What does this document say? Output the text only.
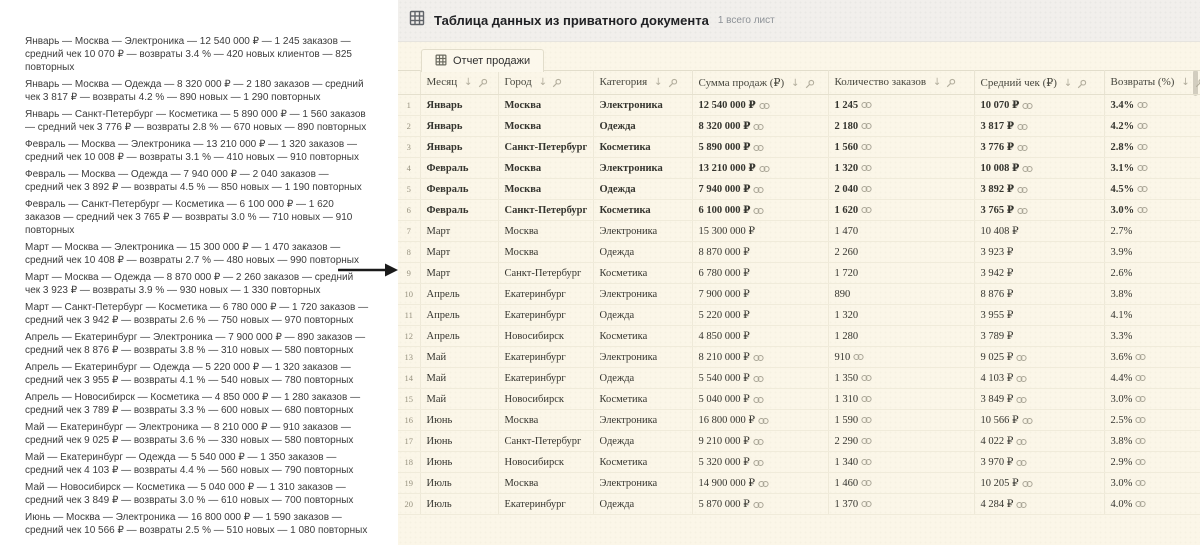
Январь — Москва — Электроника — 12 540 000 ₽ — 1 245 заказов — средний чек 10 070 ₽ — возвраты 3.4 % — 420 новых клиентов — 825 повторных

Январь — Москва — Одежда — 8 320 000 ₽ — 2 180 заказов — средний чек 3 817 ₽ — возвраты 4.2 % — 890 новых — 1 290 повторных

Январь — Санкт-Петербург — Косметика — 5 890 000 ₽ — 1 560 заказов — средний чек 3 776 ₽ — возвраты 2.8 % — 670 новых — 890 повторных

Февраль — Москва — Электроника — 13 210 000 ₽ — 1 320 заказов — средний чек 10 008 ₽ — возвраты 3.1 % — 410 новых — 910 повторных

Февраль — Москва — Одежда — 7 940 000 ₽ — 2 040 заказов — средний чек 3 892 ₽ — возвраты 4.5 % — 850 новых — 1 190 повторных

Февраль — Санкт-Петербург — Косметика — 6 100 000 ₽ — 1 620 заказов — средний чек 3 765 ₽ — возвраты 3.0 % — 710 новых — 910 повторных

Март — Москва — Электроника — 15 300 000 ₽ — 1 470 заказов — средний чек 10 408 ₽ — возвраты 2.7 % — 480 новых — 990 повторных

Март — Москва — Одежда — 8 870 000 ₽ — 2 260 заказов — средний чек 3 923 ₽ — возвраты 3.9 % — 930 новых — 1 330 повторных

Март — Санкт-Петербург — Косметика — 6 780 000 ₽ — 1 720 заказов — средний чек 3 942 ₽ — возвраты 2.6 % — 750 новых — 970 повторных

Апрель — Екатеринбург — Электроника — 7 900 000 ₽ — 890 заказов — средний чек 8 876 ₽ — возвраты 3.8 % — 310 новых — 580 повторных

Апрель — Екатеринбург — Одежда — 5 220 000 ₽ — 1 320 заказов — средний чек 3 955 ₽ — возвраты 4.1 % — 540 новых — 780 повторных

Апрель — Новосибирск — Косметика — 4 850 000 ₽ — 1 280 заказов — средний чек 3 789 ₽ — возвраты 3.3 % — 600 новых — 680 повторных

Май — Екатеринбург — Электроника — 8 210 000 ₽ — 910 заказов — средний чек 9 025 ₽ — возвраты 3.6 % — 330 новых — 580 повторных

Май — Екатеринбург — Одежда — 5 540 000 ₽ — 1 350 заказов — средний чек 4 103 ₽ — возвраты 4.4 % — 560 новых — 790 повторных

Май — Новосибирск — Косметика — 5 040 000 ₽ — 1 310 заказов — средний чек 3 849 ₽ — возвраты 3.0 % — 610 новых — 700 повторных

Июнь — Москва — Электроника — 16 800 000 ₽ — 1 590 заказов — средний чек 10 566 ₽ — возвраты 2.5 % — 510 новых — 1 080 повторных

Таблица данных из приватного документа 1 всего лист
Отчет продажи
	Месяц ↓	Город ↓	Категория ↓	Сумма продаж (₽) ↓	Количество заказов ↓	Средний чек (₽) ↓	Возвраты (%) ↓

1	Январь	Москва	Электроника	12 540 000 ₽	1 245	10 070 ₽	3.4%
2	Январь	Москва	Одежда	8 320 000 ₽	2 180	3 817 ₽	4.2%
3	Январь	Санкт-Петербург	Косметика	5 890 000 ₽	1 560	3 776 ₽	2.8%
4	Февраль	Москва	Электроника	13 210 000 ₽	1 320	10 008 ₽	3.1%
5	Февраль	Москва	Одежда	7 940 000 ₽	2 040	3 892 ₽	4.5%
6	Февраль	Санкт-Петербург	Косметика	6 100 000 ₽	1 620	3 765 ₽	3.0%
7	Март	Москва	Электроника	15 300 000 ₽	1 470	10 408 ₽	2.7%
8	Март	Москва	Одежда	8 870 000 ₽	2 260	3 923 ₽	3.9%
9	Март	Санкт-Петербург	Косметика	6 780 000 ₽	1 720	3 942 ₽	2.6%
10	Апрель	Екатеринбург	Электроника	7 900 000 ₽	890	8 876 ₽	3.8%
11	Апрель	Екатеринбург	Одежда	5 220 000 ₽	1 320	3 955 ₽	4.1%
12	Апрель	Новосибирск	Косметика	4 850 000 ₽	1 280	3 789 ₽	3.3%
13	Май	Екатеринбург	Электроника	8 210 000 ₽	910	9 025 ₽	3.6%
14	Май	Екатеринбург	Одежда	5 540 000 ₽	1 350	4 103 ₽	4.4%
15	Май	Новосибирск	Косметика	5 040 000 ₽	1 310	3 849 ₽	3.0%
16	Июнь	Москва	Электроника	16 800 000 ₽	1 590	10 566 ₽	2.5%
17	Июнь	Санкт-Петербург	Одежда	9 210 000 ₽	2 290	4 022 ₽	3.8%
18	Июнь	Новосибирск	Косметика	5 320 000 ₽	1 340	3 970 ₽	2.9%
19	Июль	Москва	Электроника	14 900 000 ₽	1 460	10 205 ₽	3.0%
20	Июль	Екатеринбург	Одежда	5 870 000 ₽	1 370	4 284 ₽	4.0%
